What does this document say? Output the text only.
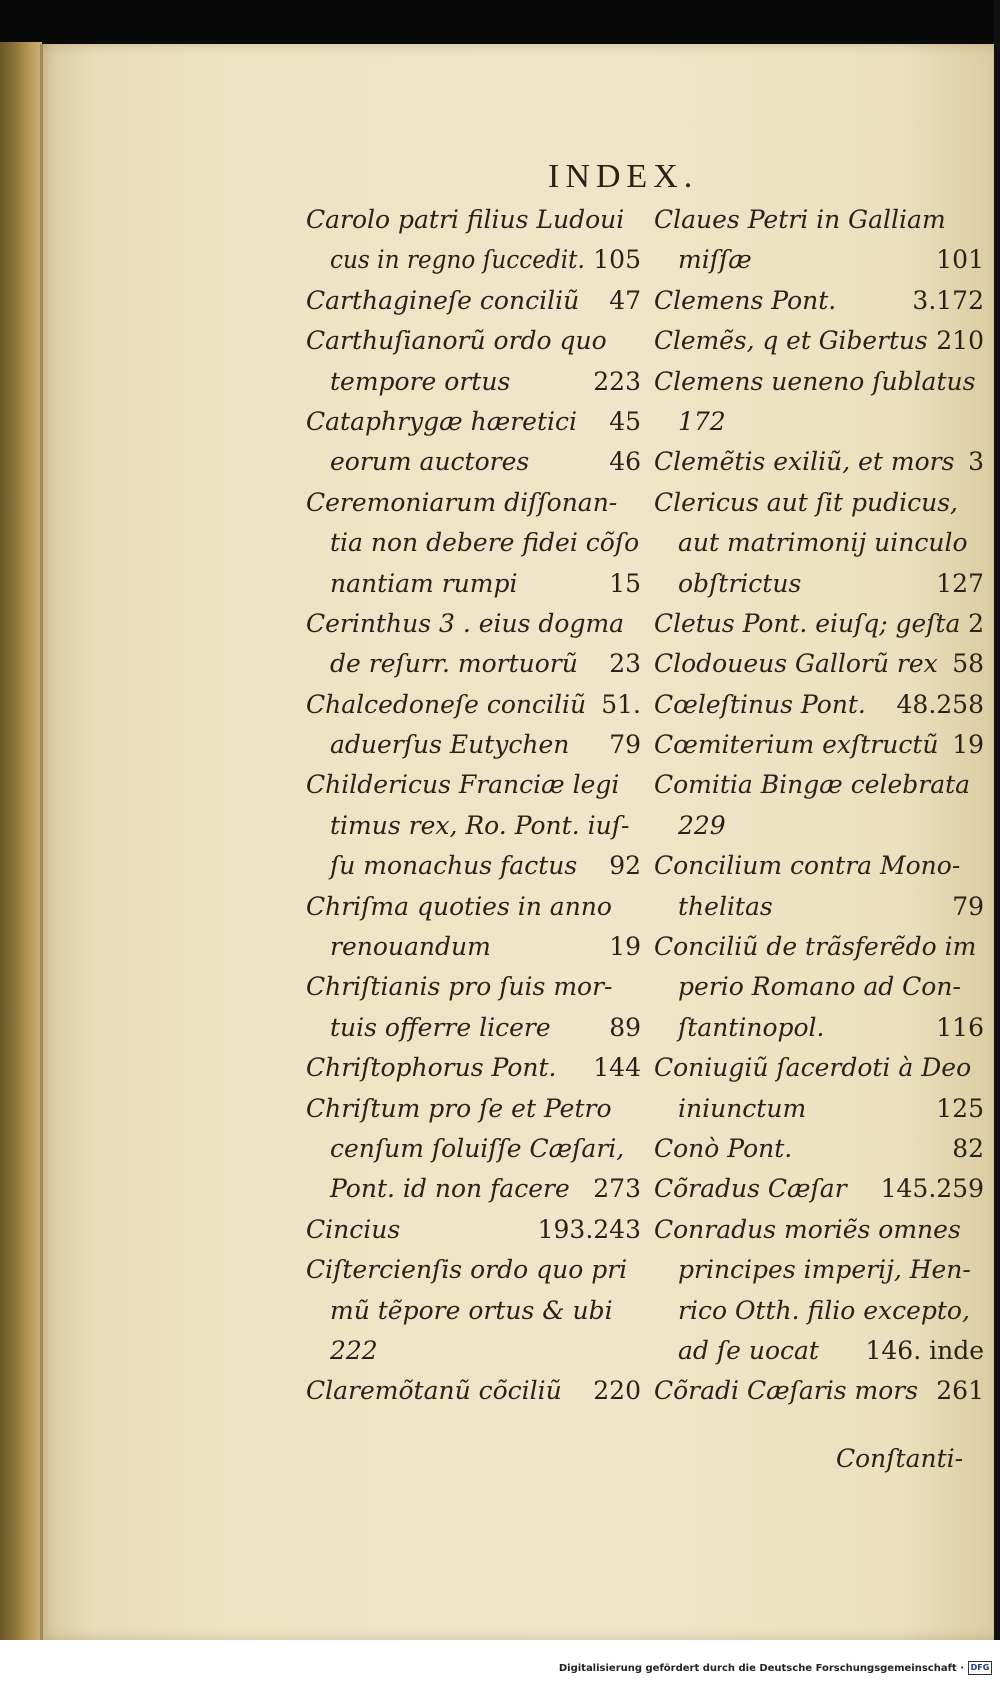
INDEX.
Carolo patri filius Ludoui
cus in regno ſuccedit. 105
Carthagineſe conciliũ 47
Carthuſianorũ ordo quo
tempore ortus	223
Cataphrygæ hæretici 45
eorum auctores	46
Ceremoniarum diſſonan-
tia non debere fidei cõſo
nantiam rumpi	15
Cerinthus 3 . eius dogma
de reſurr. mortuorũ 23
Chalcedoneſe conciliũ 51.
aduerſus Eutychen 79
Childericus Franciæ legi
timus rex, Ro. Pont. iuſ-
ſu monachus factus 92
Chriſma quoties in anno
renouandum	19
Chriſtianis pro ſuis mor-
tuis offerre licere 89
Chriſtophorus Pont. 144
Chriſtum pro ſe et Petro
cenſum ſoluiſſe Cæſari,
Pont. id non facere 273
Cincius	193.243
Ciſtercienſis ordo quo pri
mũ tẽpore ortus & ubi
222
Claremõtanũ cõciliũ 220
Claues Petri in Galliam
miſſæ	101
Clemens Pont.	3.172
Clemẽs, q et Gibertus 210
Clemens ueneno ſublatus
172
Clemẽtis exiliũ, et mors 3
Clericus aut ſit pudicus,
aut matrimonij uinculo
obſtrictus	127
Cletus Pont. eiuſq; geſta 2
Clodoueus Gallorũ rex 58
Cœleſtinus Pont. 48.258
Cœmiterium exſtructũ 19
Comitia Bingæ celebrata
229
Concilium contra Mono-
thelitas	79
Conciliũ de trãsferẽdo im
perio Romano ad Con-
ſtantinopol.	116
Coniugiũ ſacerdoti à Deo
iniunctum	125
Conò Pont.	82
Cõradus Cæſar 145.259
Conradus moriẽs omnes
principes imperij, Hen-
rico Otth. filio excepto,
ad ſe uocat 146. inde
Cõradi Cæſaris mors 261
Conſtanti-
Digitalisierung gefördert durch die Deutsche Forschungsgemeinschaft · DFG
